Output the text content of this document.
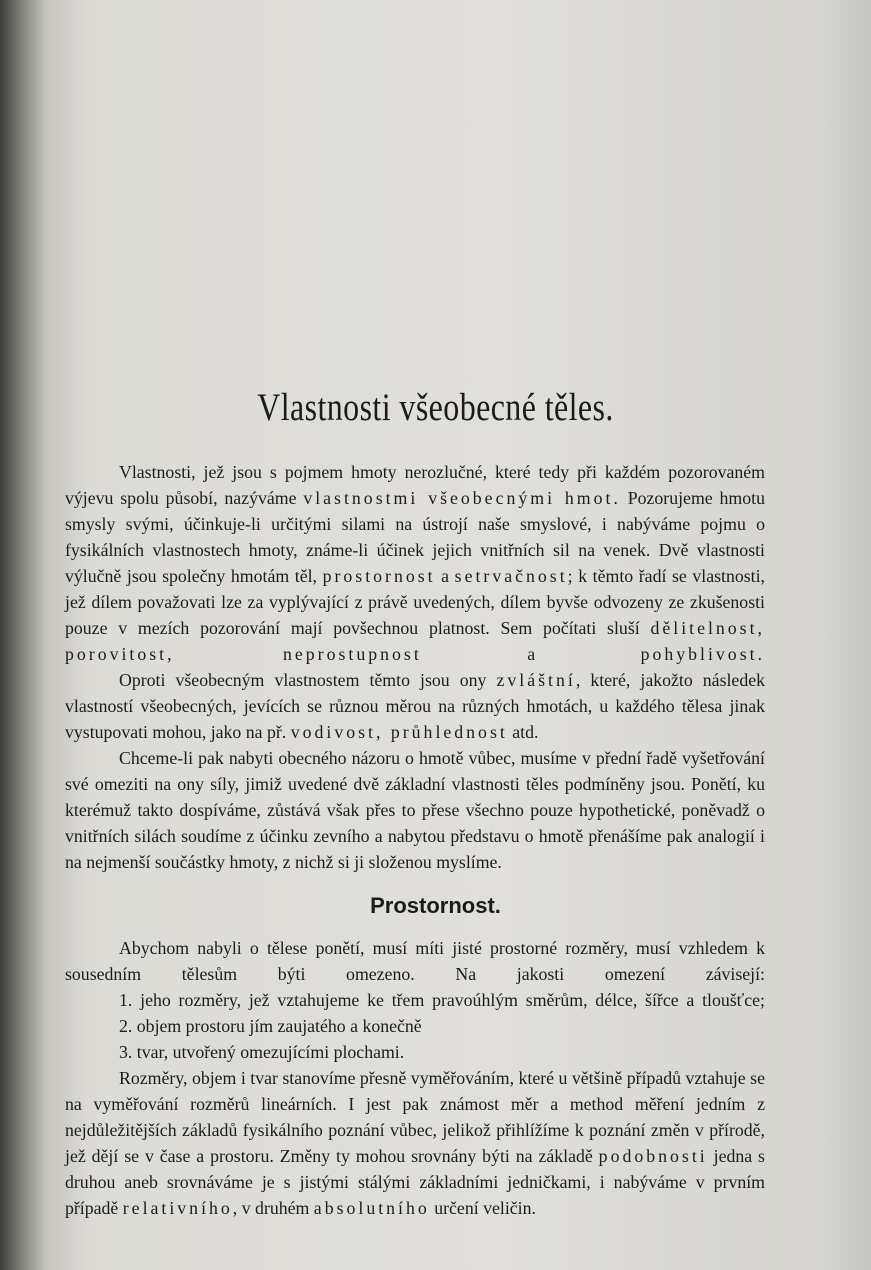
Vlastnosti všeobecné těles.

Vlastnosti, jež jsou s pojmem hmoty nerozlučné, které tedy při každém pozorovaném výjevu spolu působí, nazýváme vlastnostmi všeobecnými hmot. Pozorujeme hmotu smysly svými, účinkuje-li určitými silami na ústrojí naše smyslové, i nabýváme pojmu o fysikálních vlastnostech hmoty, známe-li účinek jejich vnitřních sil na venek. Dvě vlastnosti výlučně jsou společny hmotám těl, prostornost a setrvačnost; k těmto řadí se vlastnosti, jež dílem považovati lze za vyplývající z právě uvedených, dílem byvše odvozeny ze zkušenosti pouze v mezích pozorování mají povšechnou platnost. Sem počítati sluší dělitelnost, porovitost, neprostupnost a pohyblivost.

Oproti všeobecným vlastnostem těmto jsou ony zvláštní, které, jakožto následek vlastností všeobecných, jevících se různou měrou na různých hmotách, u každého tělesa jinak vystupovati mohou, jako na př. vodivost, průhlednost atd.

Chceme-li pak nabyti obecného názoru o hmotě vůbec, musíme v přední řadě vyšetřování své omeziti na ony síly, jimiž uvedené dvě základní vlastnosti těles podmíněny jsou. Ponětí, ku kterémuž takto dospíváme, zůstává však přes to přese všechno pouze hypothetické, poněvadž o vnitřních silách soudíme z účinku zevního a nabytou představu o hmotě přenášíme pak analogií i na nejmenší součástky hmoty, z nichž si ji složenou myslíme.

Prostornost.

Abychom nabyli o tělese ponětí, musí míti jisté prostorné rozměry, musí vzhledem k sousedním tělesům býti omezeno. Na jakosti omezení závisejí:

1. jeho rozměry, jež vztahujeme ke třem pravoúhlým směrům, délce, šířce a tloušťce;

2. objem prostoru jím zaujatého a konečně

3. tvar, utvořený omezujícími plochami.

Rozměry, objem i tvar stanovíme přesně vyměřováním, které u většině případů vztahuje se na vyměřování rozměrů lineárních. I jest pak známost měr a method měření jedním z nejdůležitějších základů fysikálního poznání vůbec, jelikož přihlížíme k poznání změn v přírodě, jež dějí se v čase a prostoru. Změny ty mohou srovnány býti na základě podobnosti jedna s druhou aneb srovnáváme je s jistými stálými základními jedničkami, i nabýváme v prvním případě relativního, v druhém absolutního určení veličin.
